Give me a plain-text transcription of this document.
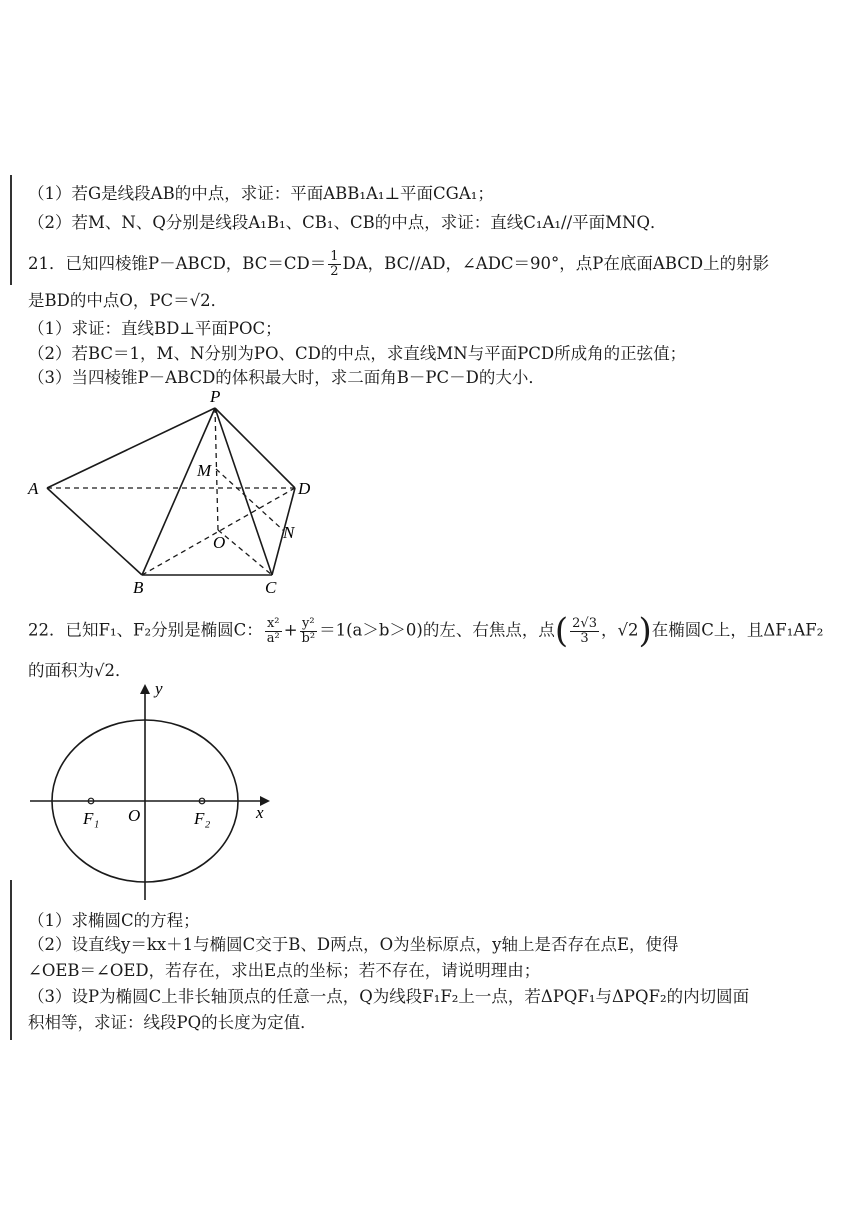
（1）若G是线段AB的中点，求证：平面ABB₁A₁⊥平面CGA₁；
（2）若M、N、Q分别是线段A₁B₁、CB₁、CB的中点，求证：直线C₁A₁//平面MNQ．
21．已知四棱锥P－ABCD，$BC=CD= \frac{1}{2}$ DA，BC//AD，∠ADC＝90°，点P在底面ABCD上的射影
是BD的中点O，PC＝√2．
（1）求证：直线BD⊥平面POC；
（2）若BC＝1，M、N分别为PO、CD的中点，求直线MN与平面PCD所成角的正弦值；
（3）当四棱锥P－ABCD的体积最大时，求二面角B－PC－D的大小．
P
A	D
M
N
O
B	C
22．已知F₁、F₂分别是椭圆C： $\frac{\text{x²}}{\text{a²}} + \frac{\text{y²}}{\text{b²}} =1(a>b>0)$的左、右焦点，点( $\frac{2√3}{3}$ ，√2)在椭圆C上，且ΔF₁AF₂
的面积为√2．
y
x
O
F₁	F₂
（1）求椭圆C的方程；
（2）设直线y＝kx＋1与椭圆C交于B、D两点，O为坐标原点，y轴上是否存在点E，使得
∠OEB＝∠OED，若存在，求出E点的坐标；若不存在，请说明理由；
（3）设P为椭圆C上非长轴顶点的任意一点，Q为线段F₁F₂上一点，若ΔPQF₁与ΔPQF₂的内切圆面
积相等，求证：线段PQ的长度为定值．
